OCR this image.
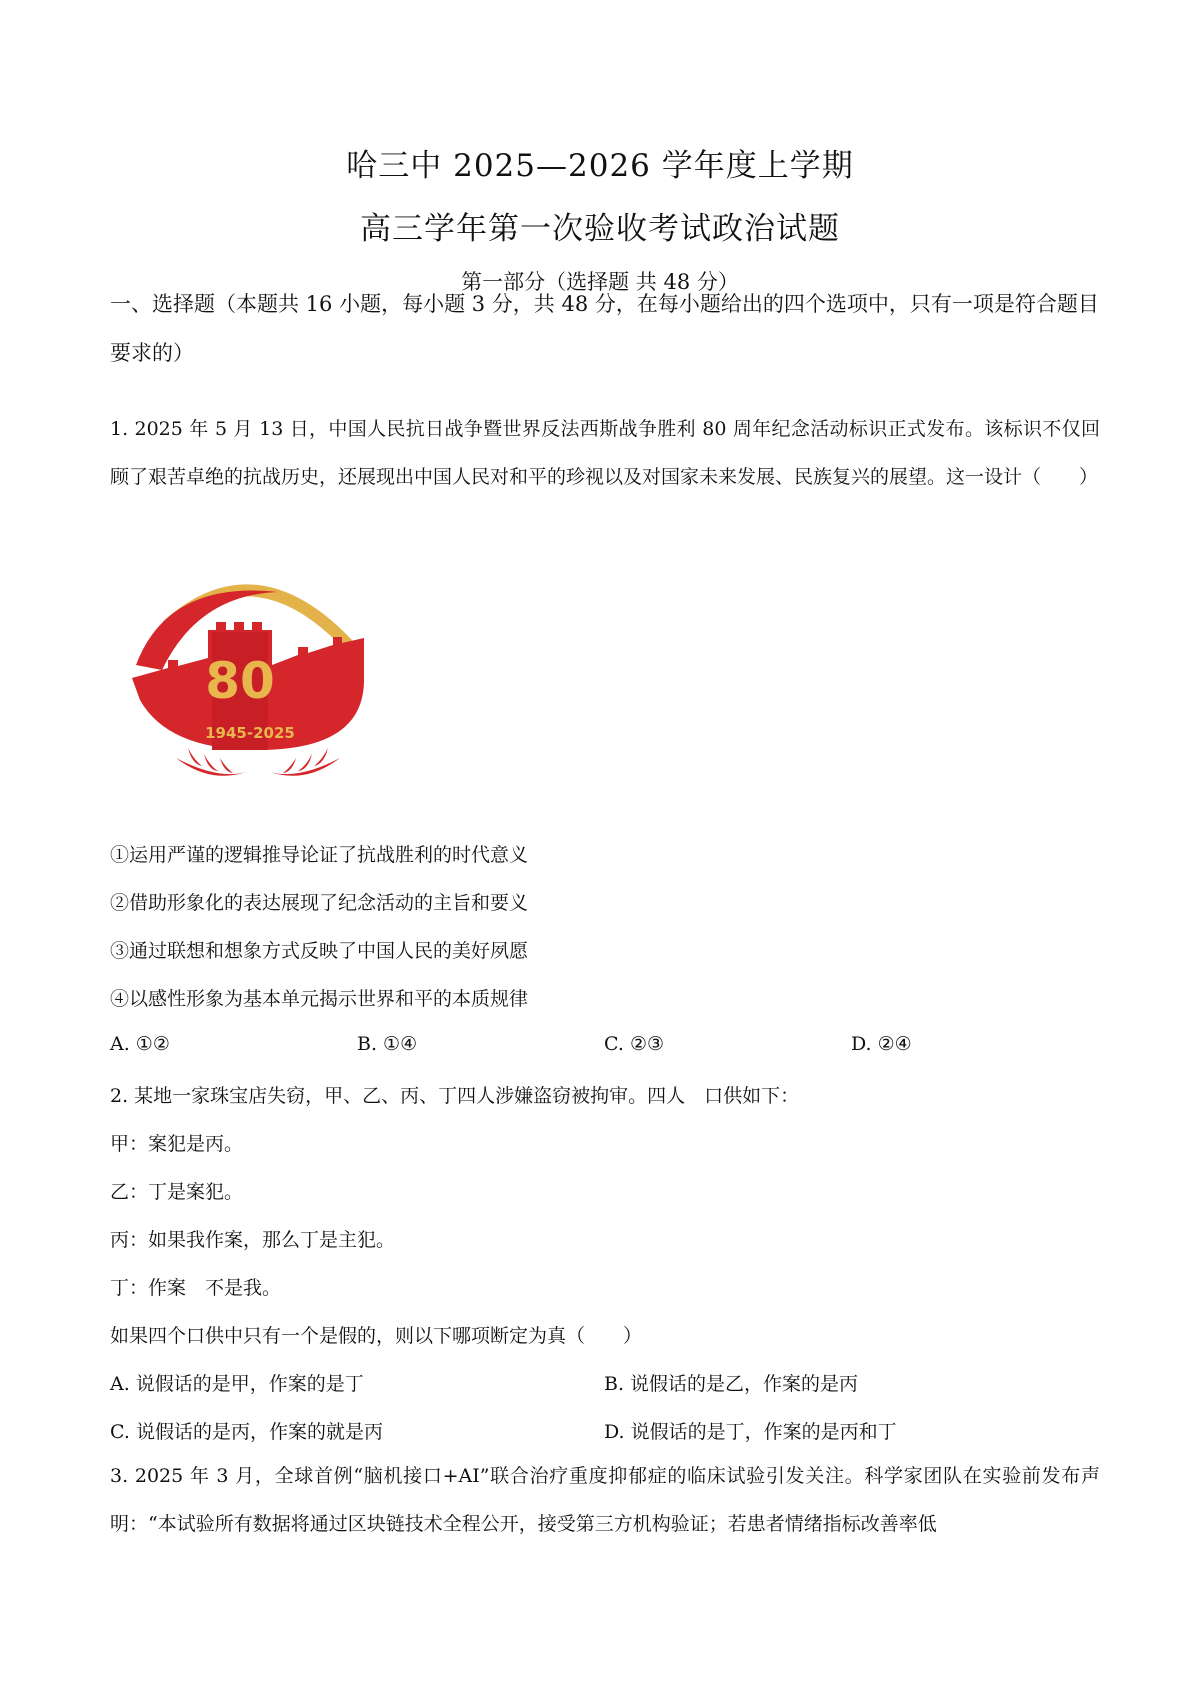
哈三中 2025—2026 学年度上学期
高三学年第一次验收考试政治试题
第一部分（选择题 共 48 分）
一、选择题（本题共 16 小题，每小题 3 分，共 48 分，在每小题给出的四个选项中，只有一项是符合题目要求的）
1. 2025 年 5 月 13 日，中国人民抗日战争暨世界反法西斯战争胜利 80 周年纪念活动标识正式发布。该标识不仅回顾了艰苦卓绝的抗战历史，还展现出中国人民对和平的珍视以及对国家未来发展、民族复兴的展望。这一设计（　　）
80
1945-2025
①运用严谨的逻辑推导论证了抗战胜利的时代意义
②借助形象化的表达展现了纪念活动的主旨和要义
③通过联想和想象方式反映了中国人民的美好夙愿
④以感性形象为基本单元揭示世界和平的本质规律
A. ①②	B. ①④	C. ②③	D. ②④
2. 某地一家珠宝店失窃，甲、乙、丙、丁四人涉嫌盗窃被拘审。四人　口供如下：
甲：案犯是丙。
乙：丁是案犯。
丙：如果我作案，那么丁是主犯。
丁：作案　不是我。
如果四个口供中只有一个是假的，则以下哪项断定为真（　　）
A. 说假话的是甲，作案的是丁	B. 说假话的是乙，作案的是丙
C. 说假话的是丙，作案的就是丙	D. 说假话的是丁，作案的是丙和丁
3. 2025 年 3 月，全球首例“脑机接口+AI”联合治疗重度抑郁症的临床试验引发关注。科学家团队在实验前发布声明：“本试验所有数据将通过区块链技术全程公开，接受第三方机构验证；若患者情绪指标改善率低
